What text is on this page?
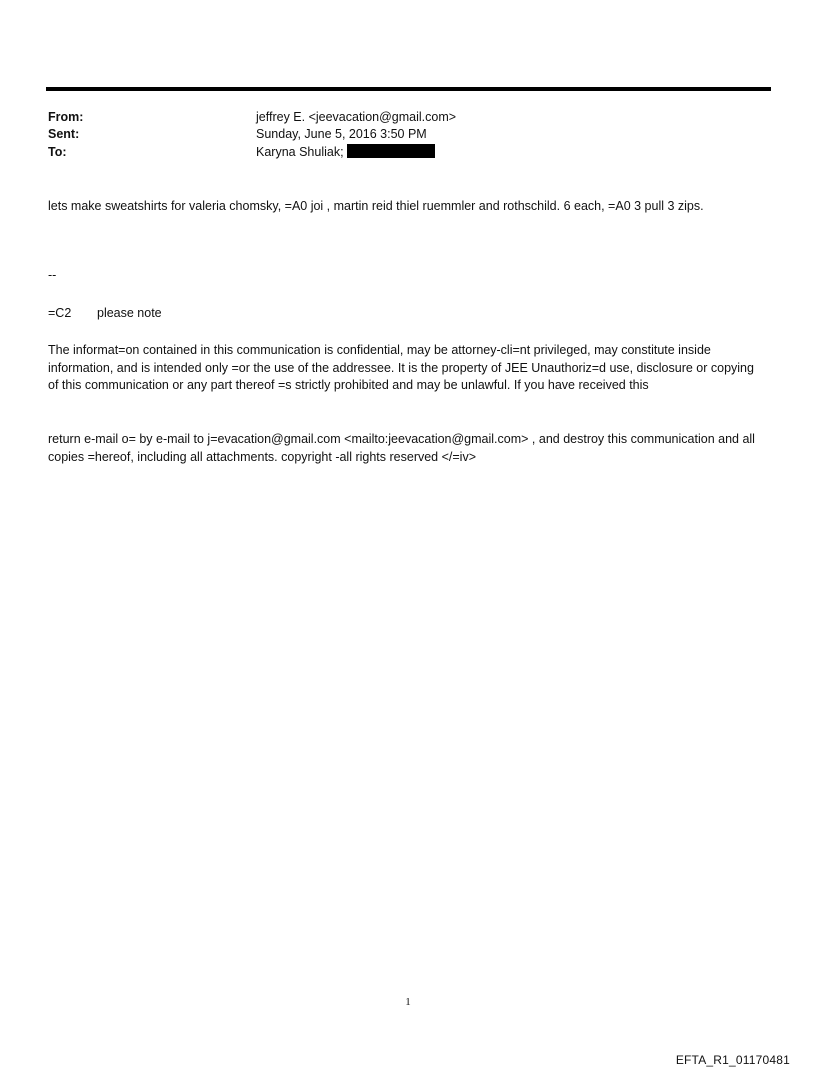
From:	jeffrey E. <jeevacation@gmail.com>
Sent:	Sunday, June 5, 2016 3:50 PM
To:	Karyna Shuliak;
lets make sweatshirts for valeria chomsky, =A0 joi , martin reid thiel ruemmler and rothschild. 6 each, =A0 3 pull 3 zips.
--
=C2 please note
The informat=on contained in this communication is confidential, may be attorney-cli=nt privileged, may constitute inside information, and is intended only =or the use of the addressee. It is the property of JEE Unauthoriz=d use, disclosure or copying of this communication or any part thereof =s strictly prohibited and may be unlawful. If you have received this
return e-mail o= by e-mail to j=evacation@gmail.com <mailto:jeevacation@gmail.com> , and destroy this communication and all copies =hereof, including all attachments. copyright -all rights reserved </=iv>
1
EFTA_R1_01170481
